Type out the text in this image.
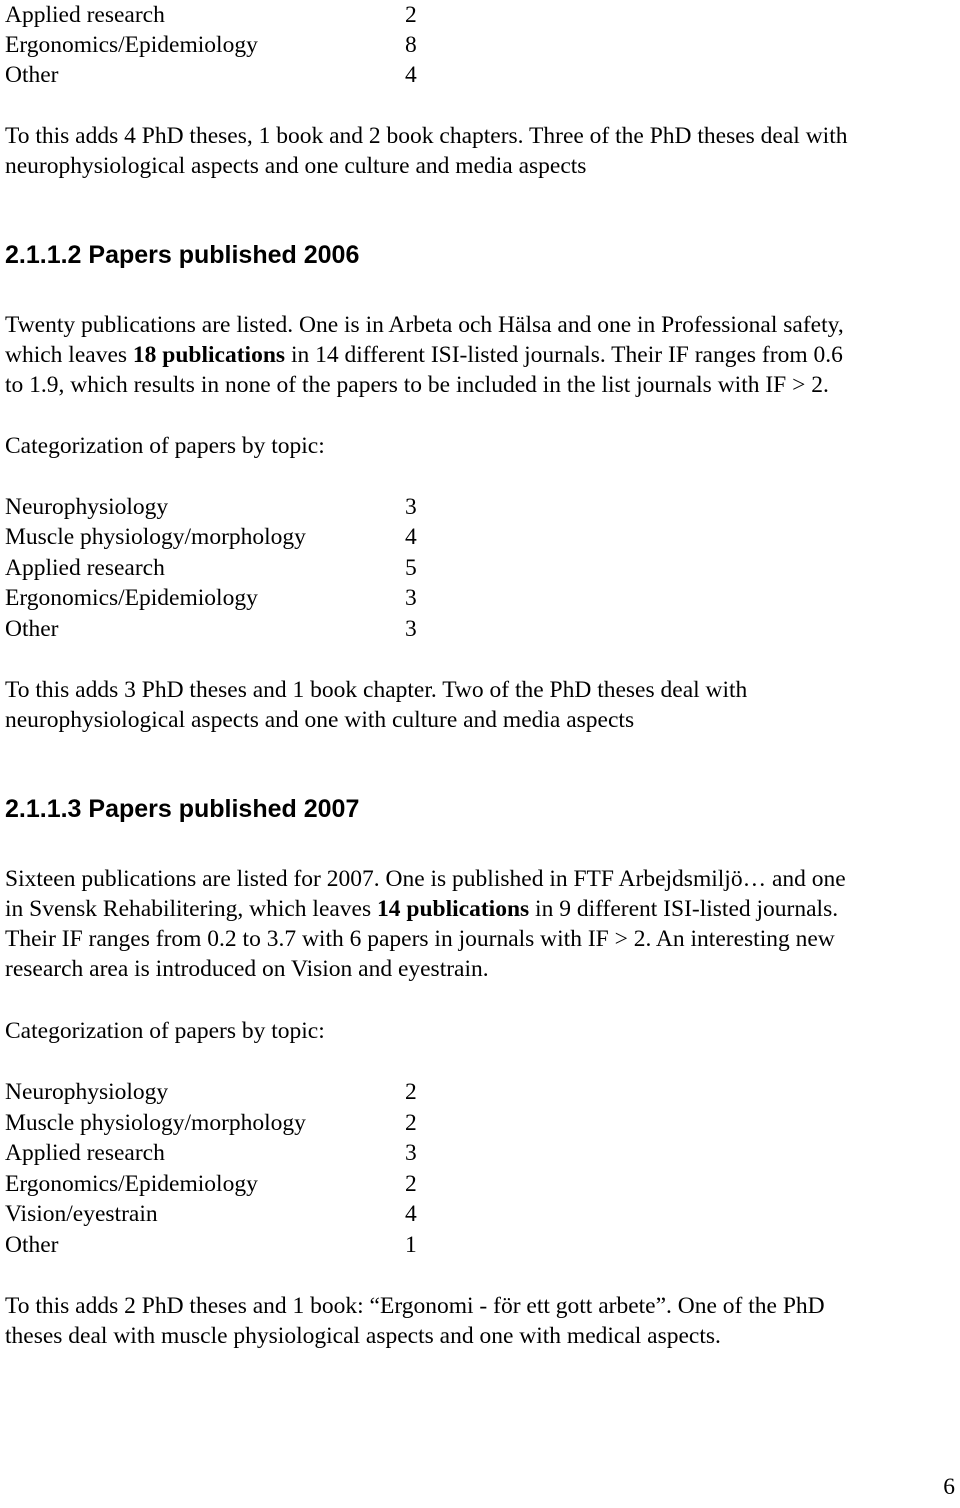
Applied research	2
Ergonomics/Epidemiology	8
Other	4
To this adds 4 PhD theses, 1 book and 2 book chapters. Three of the PhD theses deal with
neurophysiological aspects and one culture and media aspects
2.1.1.2 Papers published 2006
Twenty publications are listed. One is in Arbeta och Hälsa and one in Professional safety,
which leaves 18 publications in 14 different ISI-listed journals. Their IF ranges from 0.6
to 1.9, which results in none of the papers to be included in the list journals with IF > 2.
Categorization of papers by topic:
Neurophysiology	3
Muscle physiology/morphology	4
Applied research	5
Ergonomics/Epidemiology	3
Other	3
To this adds 3 PhD theses and 1 book chapter. Two of the PhD theses deal with
neurophysiological aspects and one with culture and media aspects
2.1.1.3 Papers published 2007
Sixteen publications are listed for 2007. One is published in FTF Arbejdsmiljö… and one
in Svensk Rehabilitering, which leaves 14 publications in 9 different ISI-listed journals.
Their IF ranges from 0.2 to 3.7 with 6 papers in journals with IF > 2. An interesting new
research area is introduced on Vision and eyestrain.
Categorization of papers by topic:
Neurophysiology	2
Muscle physiology/morphology	2
Applied research	3
Ergonomics/Epidemiology	2
Vision/eyestrain	4
Other	1
To this adds 2 PhD theses and 1 book: “Ergonomi - för ett gott arbete”. One of the PhD
theses deal with muscle physiological aspects and one with medical aspects.
6
